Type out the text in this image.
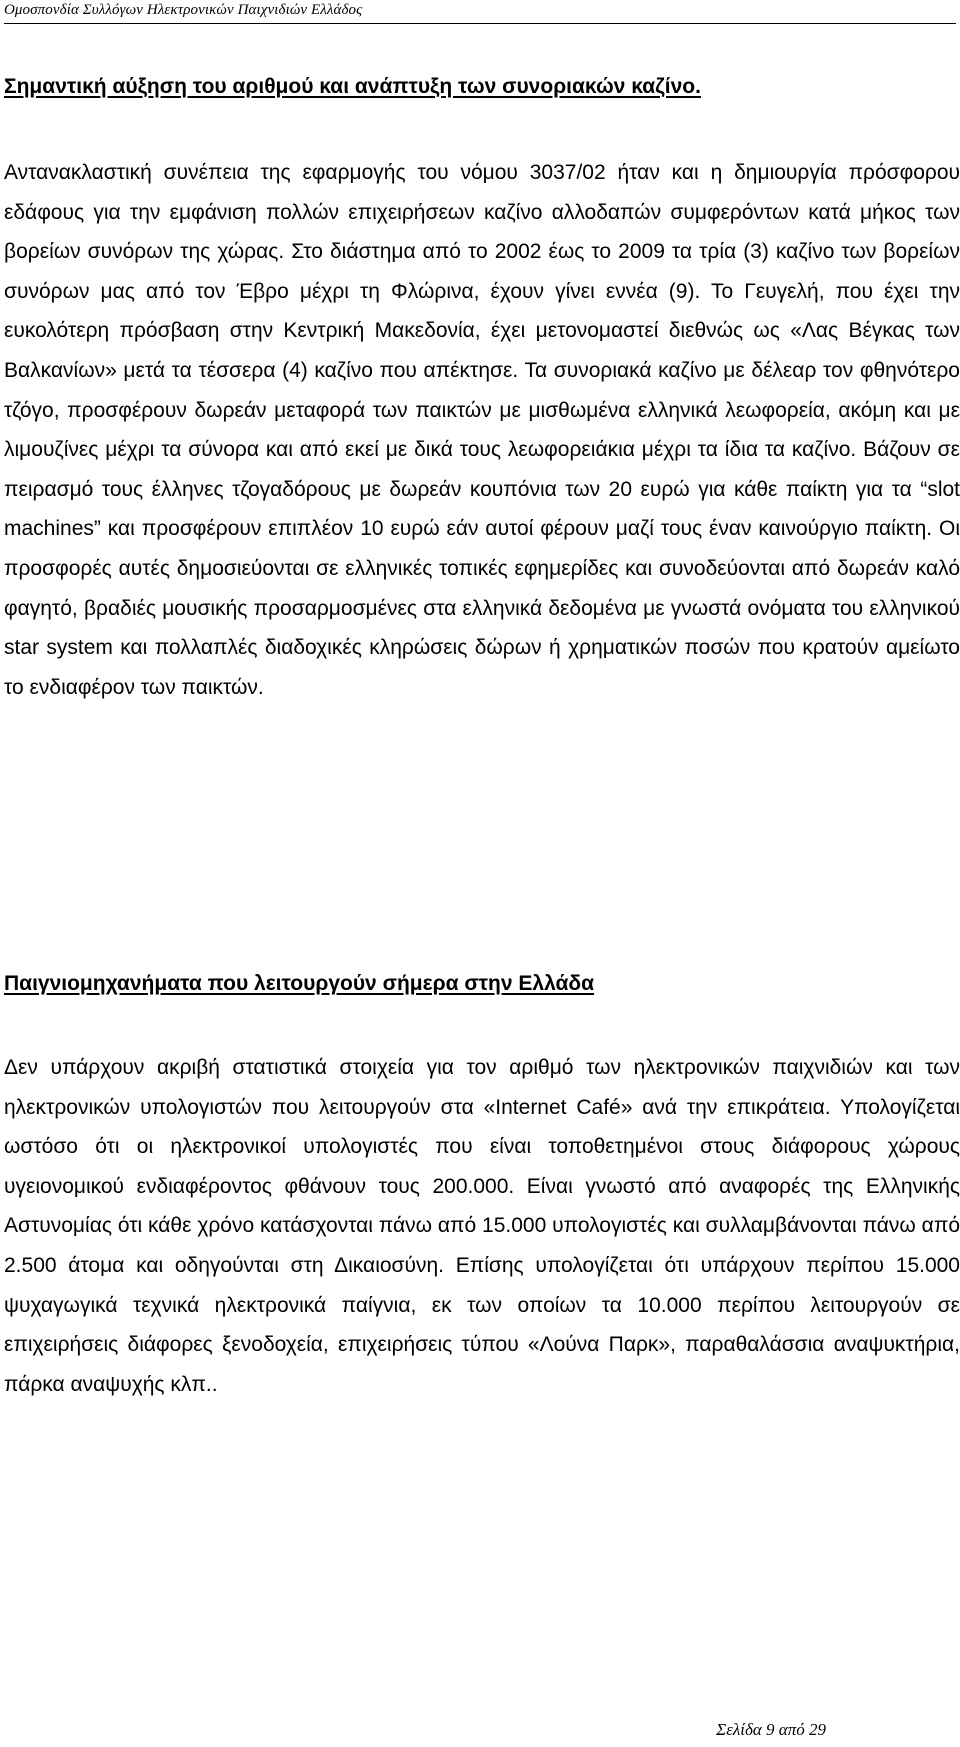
Ομοσπονδία Συλλόγων Ηλεκτρονικών Παιχνιδιών Ελλάδος

Σημαντική αύξηση του αριθμού και ανάπτυξη των συνοριακών καζίνο.

Αντανακλαστική συνέπεια της εφαρμογής του νόμου 3037/02 ήταν και η δημιουργία πρόσφορου εδάφους για την εμφάνιση πολλών επιχειρήσεων καζίνο αλλοδαπών συμφερόντων κατά μήκος των βορείων συνόρων της χώρας. Στο διάστημα από το 2002 έως το 2009 τα τρία (3) καζίνο των βορείων συνόρων μας από τον Έβρο μέχρι τη Φλώρινα, έχουν γίνει εννέα (9). Το Γευγελή, που έχει την ευκολότερη πρόσβαση στην Κεντρική Μακεδονία, έχει μετονομαστεί διεθνώς ως «Λας Βέγκας των Βαλκανίων» μετά τα τέσσερα (4) καζίνο που απέκτησε. Τα συνοριακά καζίνο με δέλεαρ τον φθηνότερο τζόγο, προσφέρουν δωρεάν μεταφορά των παικτών με μισθωμένα ελληνικά λεωφορεία, ακόμη και με λιμουζίνες μέχρι τα σύνορα και από εκεί με δικά τους λεωφορειάκια μέχρι τα ίδια τα καζίνο. Βάζουν σε πειρασμό τους έλληνες τζογαδόρους με δωρεάν κουπόνια των 20 ευρώ για κάθε παίκτη για τα “slot machines” και προσφέρουν επιπλέον 10 ευρώ εάν αυτοί φέρουν μαζί τους έναν καινούργιο παίκτη. Οι προσφορές αυτές δημοσιεύονται σε ελληνικές τοπικές εφημερίδες και συνοδεύονται από δωρεάν καλό φαγητό, βραδιές μουσικής προσαρμοσμένες στα ελληνικά δεδομένα με γνωστά ονόματα του ελληνικού star system και πολλαπλές διαδοχικές κληρώσεις δώρων ή χρηματικών ποσών που κρατούν αμείωτο το ενδιαφέρον των παικτών.

Παιγνιομηχανήματα που λειτουργούν σήμερα στην Ελλάδα

Δεν υπάρχουν ακριβή στατιστικά στοιχεία για τον αριθμό των ηλεκτρονικών παιχνιδιών και των ηλεκτρονικών υπολογιστών που λειτουργούν στα «Internet Café» ανά την επικράτεια. Υπολογίζεται ωστόσο ότι οι ηλεκτρονικοί υπολογιστές που είναι τοποθετημένοι στους διάφορους χώρους υγειονομικού ενδιαφέροντος φθάνουν τους 200.000. Είναι γνωστό από αναφορές της Ελληνικής Αστυνομίας ότι κάθε χρόνο κατάσχονται πάνω από 15.000 υπολογιστές και συλλαμβάνονται πάνω από 2.500 άτομα και οδηγούνται στη Δικαιοσύνη. Επίσης υπολογίζεται ότι υπάρχουν περίπου 15.000 ψυχαγωγικά τεχνικά ηλεκτρονικά παίγνια, εκ των οποίων τα 10.000 περίπου λειτουργούν σε επιχειρήσεις διάφορες ξενοδοχεία, επιχειρήσεις τύπου «Λούνα Παρκ», παραθαλάσσια αναψυκτήρια, πάρκα αναψυχής κλπ..

Σελίδα 9 από 29
